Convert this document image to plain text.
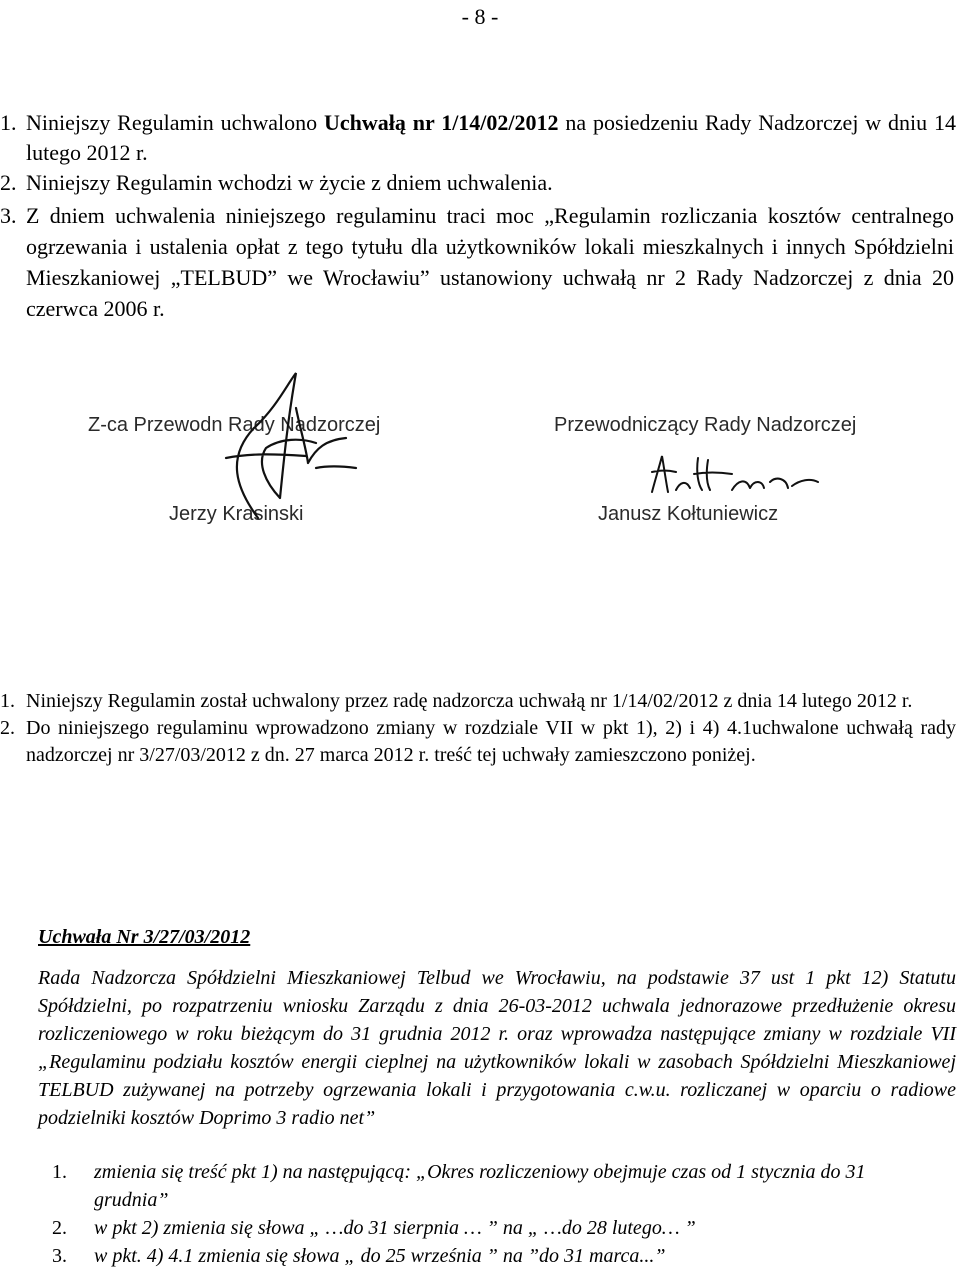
- 8 -
1. Niniejszy Regulamin uchwalono Uchwałą nr 1/14/02/2012 na posiedzeniu Rady Nadzorczej w dniu 14 lutego 2012 r.
2. Niniejszy Regulamin wchodzi w życie z dniem uchwalenia.
3. Z dniem uchwalenia niniejszego regulaminu traci moc „Regulamin rozliczania kosztów centralnego ogrzewania i ustalenia opłat z tego tytułu dla użytkowników lokali mieszkalnych i innych Spółdzielni Mieszkaniowej „TELBUD” we Wrocławiu” ustanowiony uchwałą nr 2 Rady Nadzorczej z dnia 20 czerwca 2006 r.
Z-ca Przewodn Rady Nadzorczej
Jerzy Krasinski
Przewodniczący Rady Nadzorczej
Janusz Kołtuniewicz
1. Niniejszy Regulamin został uchwalony przez radę nadzorcza uchwałą nr 1/14/02/2012 z dnia 14 lutego 2012 r.
2. Do niniejszego regulaminu wprowadzono zmiany w rozdziale VII w pkt 1), 2) i 4) 4.1uchwalone uchwałą rady nadzorczej nr 3/27/03/2012 z dn. 27 marca 2012 r. treść tej uchwały zamieszczono poniżej.
Uchwała Nr 3/27/03/2012
Rada Nadzorcza Spółdzielni Mieszkaniowej Telbud we Wrocławiu, na podstawie 37 ust 1 pkt 12) Statutu Spółdzielni, po rozpatrzeniu wniosku Zarządu z dnia 26-03-2012 uchwala jednorazowe przedłużenie okresu rozliczeniowego w roku bieżącym do 31 grudnia 2012 r. oraz wprowadza następujące zmiany w rozdziale VII „Regulaminu podziału kosztów energii cieplnej na użytkowników lokali w zasobach Spółdzielni Mieszkaniowej TELBUD zużywanej na potrzeby ogrzewania lokali i przygotowania c.w.u. rozliczanej w oparciu o radiowe podzielniki kosztów Doprimo 3 radio net”
1. zmienia się treść pkt 1) na następującą: „Okres rozliczeniowy obejmuje czas od 1 stycznia do 31 grudnia”
2. w pkt 2) zmienia się słowa „ …do 31 sierpnia … ” na „ …do 28 lutego… ”
3. w pkt. 4) 4.1 zmienia się słowa „ do 25 września ” na ”do 31 marca...”
